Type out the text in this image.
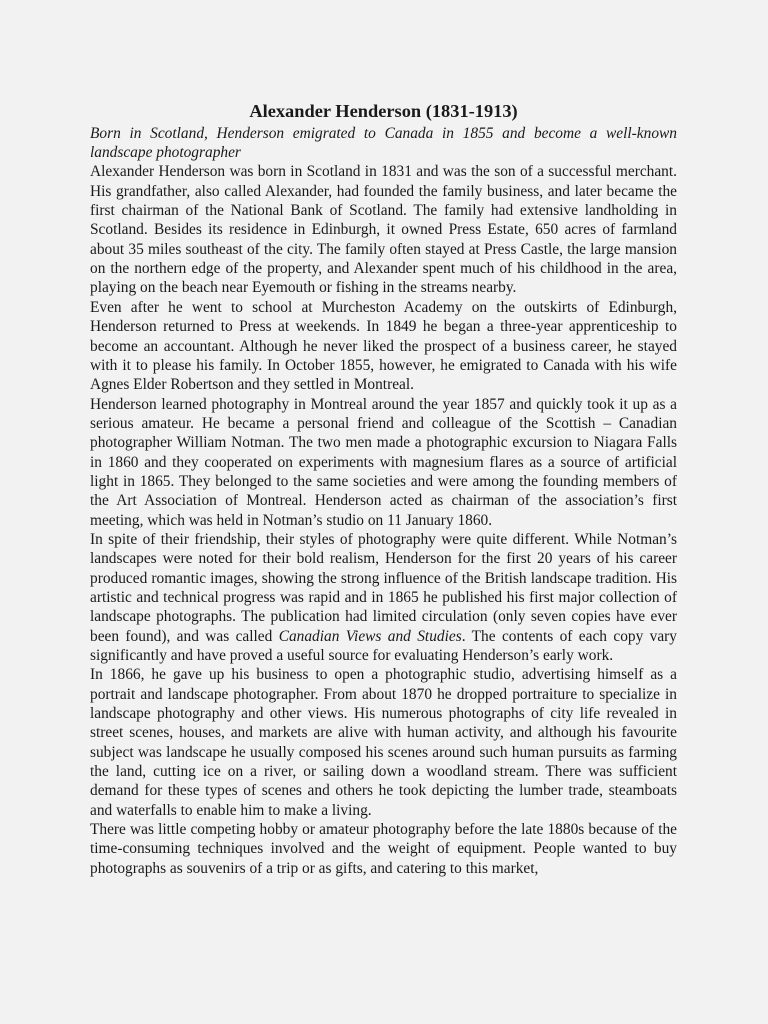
Alexander Henderson (1831-1913)

Born in Scotland, Henderson emigrated to Canada in 1855 and become a well-known landscape photographer

Alexander Henderson was born in Scotland in 1831 and was the son of a successful merchant. His grandfather, also called Alexander, had founded the family business, and later became the first chairman of the National Bank of Scotland. The family had extensive landholding in Scotland. Besides its residence in Edinburgh, it owned Press Estate, 650 acres of farmland about 35 miles southeast of the city. The family often stayed at Press Castle, the large mansion on the northern edge of the property, and Alexander spent much of his childhood in the area, playing on the beach near Eyemouth or fishing in the streams nearby.

Even after he went to school at Murcheston Academy on the outskirts of Edinburgh, Henderson returned to Press at weekends. In 1849 he began a three-year apprenticeship to become an accountant. Although he never liked the prospect of a business career, he stayed with it to please his family. In October 1855, however, he emigrated to Canada with his wife Agnes Elder Robertson and they settled in Montreal.

Henderson learned photography in Montreal around the year 1857 and quickly took it up as a serious amateur. He became a personal friend and colleague of the Scottish – Canadian photographer William Notman. The two men made a photographic excursion to Niagara Falls in 1860 and they cooperated on experiments with magnesium flares as a source of artificial light in 1865. They belonged to the same societies and were among the founding members of the Art Association of Montreal. Henderson acted as chairman of the association’s first meeting, which was held in Notman’s studio on 11 January 1860.

In spite of their friendship, their styles of photography were quite different. While Notman’s landscapes were noted for their bold realism, Henderson for the first 20 years of his career produced romantic images, showing the strong influence of the British landscape tradition. His artistic and technical progress was rapid and in 1865 he published his first major collection of landscape photographs. The publication had limited circulation (only seven copies have ever been found), and was called Canadian Views and Studies. The contents of each copy vary significantly and have proved a useful source for evaluating Henderson’s early work.

In 1866, he gave up his business to open a photographic studio, advertising himself as a portrait and landscape photographer. From about 1870 he dropped portraiture to specialize in landscape photography and other views. His numerous photographs of city life revealed in street scenes, houses, and markets are alive with human activity, and although his favourite subject was landscape he usually composed his scenes around such human pursuits as farming the land, cutting ice on a river, or sailing down a woodland stream. There was sufficient demand for these types of scenes and others he took depicting the lumber trade, steamboats and waterfalls to enable him to make a living.

There was little competing hobby or amateur photography before the late 1880s because of the time-consuming techniques involved and the weight of equipment. People wanted to buy photographs as souvenirs of a trip or as gifts, and catering to this market,
